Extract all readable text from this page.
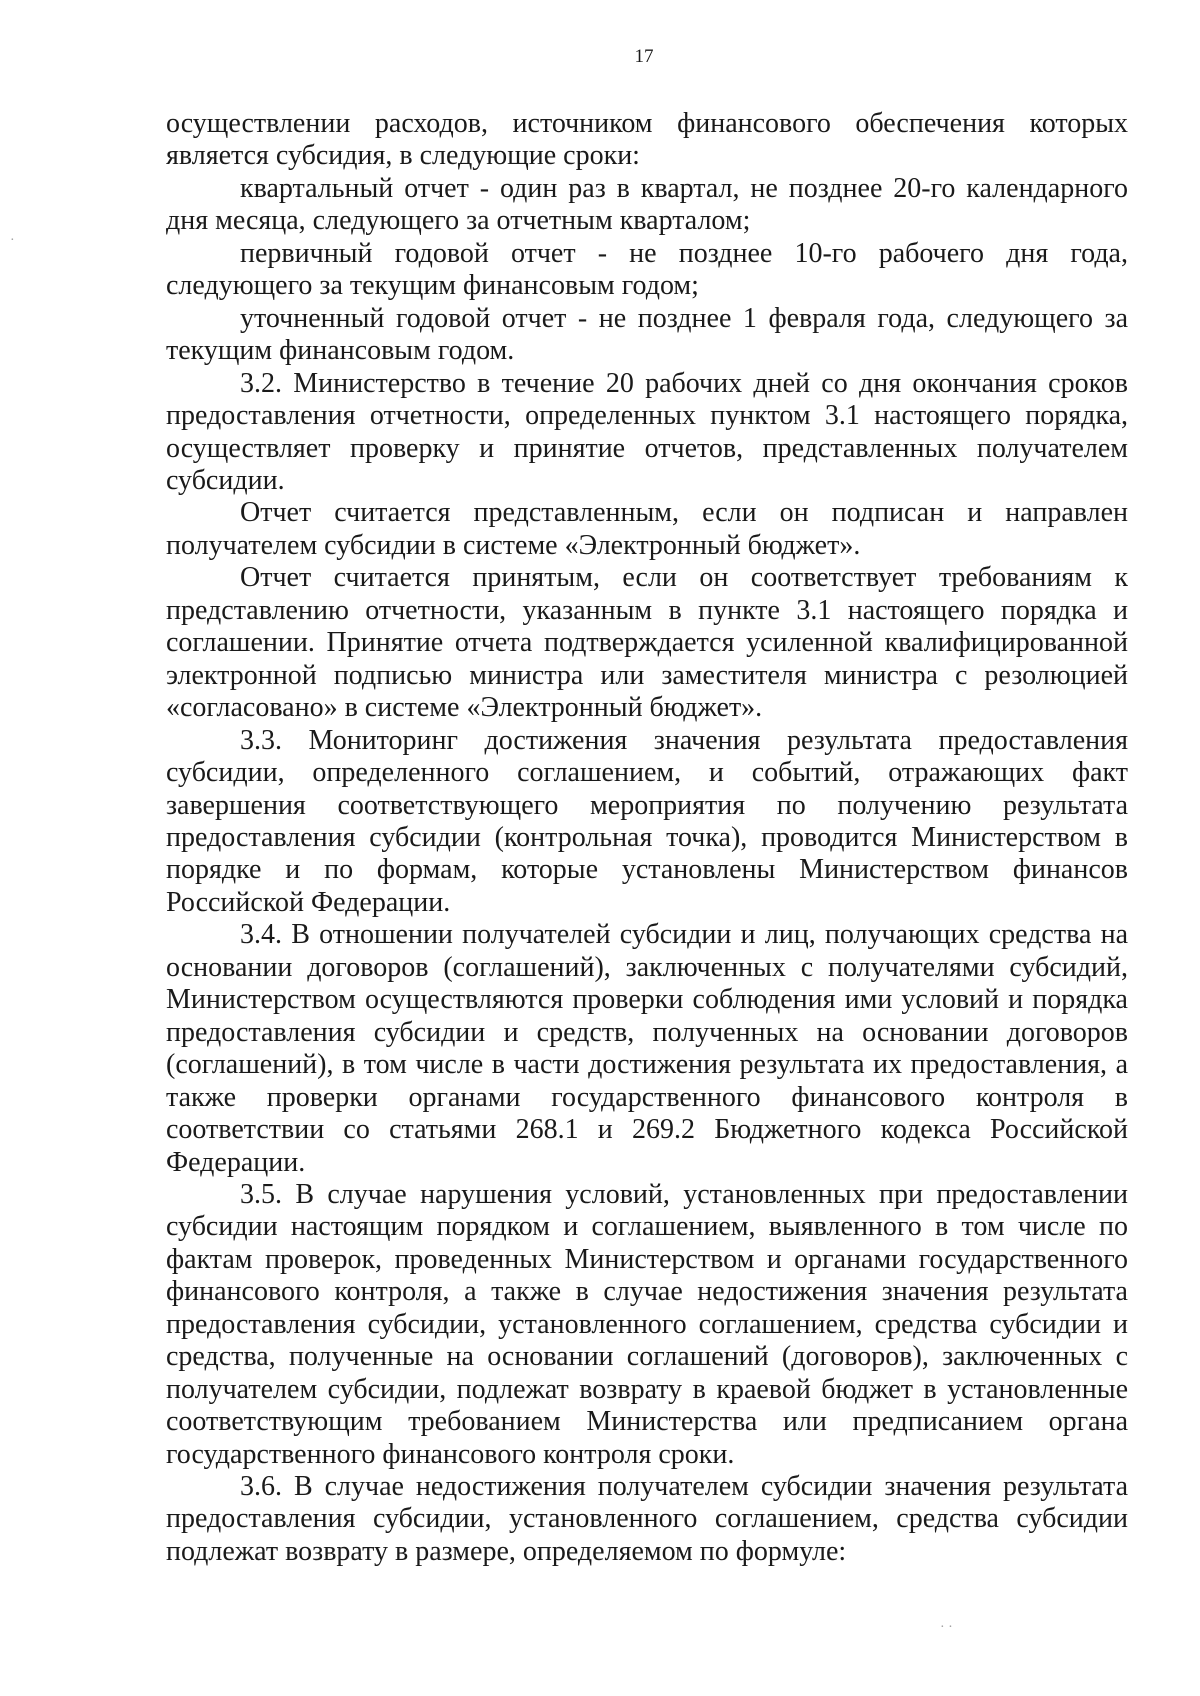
17

осуществлении расходов, источником финансового обеспечения которых является субсидия, в следующие сроки:

квартальный отчет - один раз в квартал, не позднее 20-го календарного дня месяца, следующего за отчетным кварталом;

первичный годовой отчет - не позднее 10-го рабочего дня года, следующего за текущим финансовым годом;

уточненный годовой отчет - не позднее 1 февраля года, следующего за текущим финансовым годом.

3.2. Министерство в течение 20 рабочих дней со дня окончания сроков предоставления отчетности, определенных пунктом 3.1 настоящего порядка, осуществляет проверку и принятие отчетов, представленных получателем субсидии.

Отчет считается представленным, если он подписан и направлен получателем субсидии в системе «Электронный бюджет».

Отчет считается принятым, если он соответствует требованиям к представлению отчетности, указанным в пункте 3.1 настоящего порядка и соглашении. Принятие отчета подтверждается усиленной квалифицированной электронной подписью министра или заместителя министра с резолюцией «согласовано» в системе «Электронный бюджет».

3.3. Мониторинг достижения значения результата предоставления субсидии, определенного соглашением, и событий, отражающих факт завершения соответствующего мероприятия по получению результата предоставления субсидии (контрольная точка), проводится Министерством в порядке и по формам, которые установлены Министерством финансов Российской Федерации.

3.4. В отношении получателей субсидии и лиц, получающих средства на основании договоров (соглашений), заключенных с получателями субсидий, Министерством осуществляются проверки соблюдения ими условий и порядка предоставления субсидии и средств, полученных на основании договоров (соглашений), в том числе в части достижения результата их предоставления, а также проверки органами государственного финансового контроля в соответствии со статьями 268.1 и 269.2 Бюджетного кодекса Российской Федерации.

3.5. В случае нарушения условий, установленных при предоставлении субсидии настоящим порядком и соглашением, выявленного в том числе по фактам проверок, проведенных Министерством и органами государственного финансового контроля, а также в случае недостижения значения результата предоставления субсидии, установленного соглашением, средства субсидии и средства, полученные на основании соглашений (договоров), заключенных с получателем субсидии, подлежат возврату в краевой бюджет в установленные соответствующим требованием Министерства или предписанием органа государственного финансового контроля сроки.

3.6. В случае недостижения получателем субсидии значения результата предоставления субсидии, установленного соглашением, средства субсидии подлежат возврату в размере, определяемом по формуле:

·
· ·
